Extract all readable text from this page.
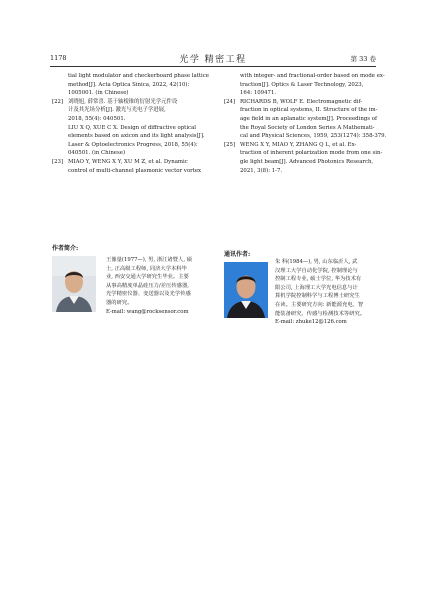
1178	光学 精密工程	第 33 卷
tial light modulator and checkerboard phase lattice
method[J]. Acta Optica Sinica, 2022, 42(10):
1005001. (in Chinese)
[22] 刘晓旭, 薛常喜. 基于轴棱锥的衍射光学元件设
计及其光场分析[J]. 激光与光电子学进展,
2018, 55(4): 040501.
LIU X Q, XUE C X. Design of diffractive optical
elements based on axicon and its light analysis[J].
Laser & Optoelectronics Progress, 2018, 55(4):
040501. (in Chinese)
[23] MIAO Y, WENG X Y, XU M Z, et al. Dynamic
control of multi-channel plasmonic vector vortex
with integer- and fractional-order based on mode ex-
traction[J]. Optics & Laser Technology, 2023,
164: 109471.
[24] RICHARDS B, WOLF E. Electromagnetic dif-
fraction in optical systems, II. Structure of the im-
age field in an aplanatic system[J]. Proceedings of
the Royal Society of London Series A Mathemati-
cal and Physical Sciences, 1959, 253(1274): 358-379.
[25] WENG X Y, MIAO Y, ZHANG Q L, et al. Ex-
traction of inherent polarization mode from one sin-
gle light beam[J]. Advanced Photonics Research,
2021, 3(8): 1-7.
作者简介:
王豫量(1977—), 男, 浙江诸暨人, 硕
士, 正高级工程师, 同济大学本科毕
业, 西安交通大学研究生毕业。主要
从事高精度单晶硅压力/差压传感器,
光学精密仪器、变送器以及光学传感
器的研究。
E-mail: wang@rocksensor.com
通讯作者:
朱 科(1984—), 男, 山东临沂人, 武
汉理工大学自动化学院, 控制理论与
控制工程专业, 硕士学位, 华为技术有
限公司, 上海理工大学光电信息与计
算机学院控制科学与工程博士研究生
在读。主要研究方向: 新能源充电、智
能装备研究、传感与检测技术等研究。
E-mail: zhuke12@126.com
